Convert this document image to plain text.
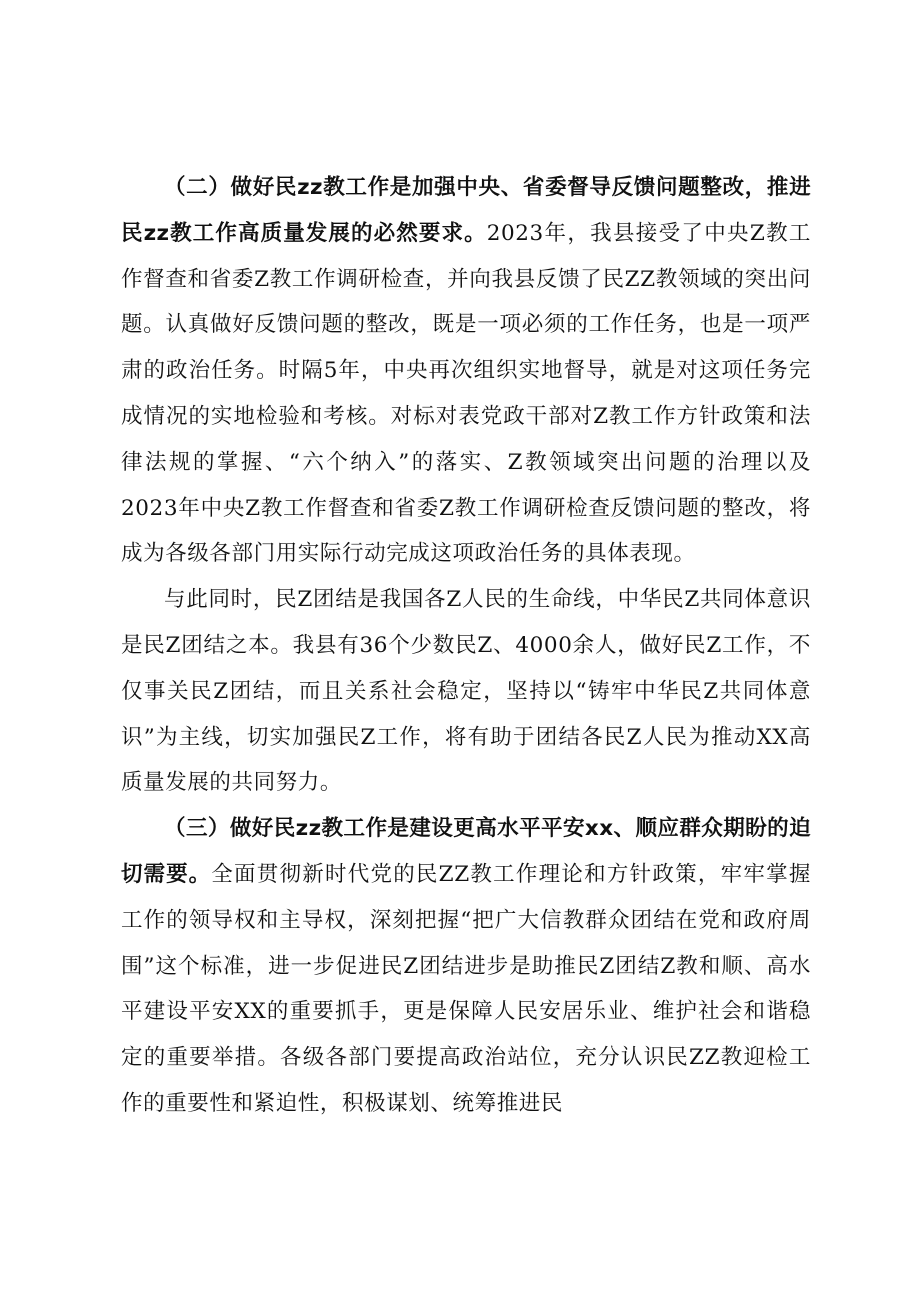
（二）做好民zz教工作是加强中央、省委督导反馈问题整改，推进民zz教工作高质量发展的必然要求。2023年，我县接受了中央Z教工作督查和省委Z教工作调研检查，并向我县反馈了民ZZ教领域的突出问题。认真做好反馈问题的整改，既是一项必须的工作任务，也是一项严肃的政治任务。时隔5年，中央再次组织实地督导，就是对这项任务完成情况的实地检验和考核。对标对表党政干部对Z教工作方针政策和法律法规的掌握、“六个纳入”的落实、Z教领域突出问题的治理以及2023年中央Z教工作督查和省委Z教工作调研检查反馈问题的整改，将成为各级各部门用实际行动完成这项政治任务的具体表现。

与此同时，民Z团结是我国各Z人民的生命线，中华民Z共同体意识是民Z团结之本。我县有36个少数民Z、4000余人，做好民Z工作，不仅事关民Z团结，而且关系社会稳定，坚持以“铸牢中华民Z共同体意识”为主线，切实加强民Z工作，将有助于团结各民Z人民为推动XX高质量发展的共同努力。

（三）做好民zz教工作是建设更高水平平安xx、顺应群众期盼的迫切需要。全面贯彻新时代党的民ZZ教工作理论和方针政策，牢牢掌握工作的领导权和主导权，深刻把握“把广大信教群众团结在党和政府周围”这个标准，进一步促进民Z团结进步是助推民Z团结Z教和顺、高水平建设平安XX的重要抓手，更是保障人民安居乐业、维护社会和谐稳定的重要举措。各级各部门要提高政治站位，充分认识民ZZ教迎检工作的重要性和紧迫性，积极谋划、统筹推进民
